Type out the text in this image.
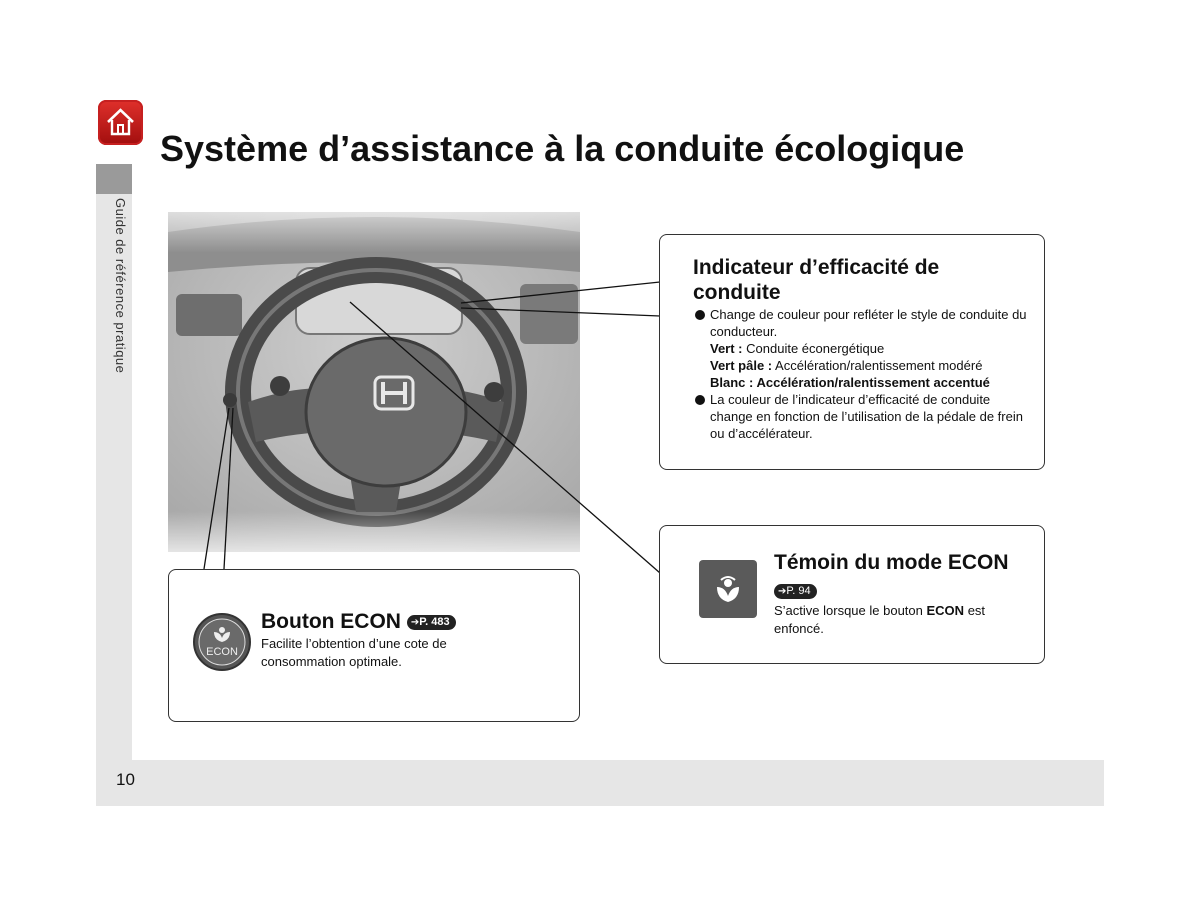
Guide de référence pratique
10
Système d’assistance à la conduite écologique
Indicateur d’efficacité de conduite
Change de couleur pour refléter le style de conduite du conducteur.
Vert : Conduite éconergétique
Vert pâle : Accélération/ralentissement modéré
Blanc : Accélération/ralentissement accentué
La couleur de l’indicateur d’efficacité de conduite change en fonction de l’utilisation de la pédale de frein ou d’accélérateur.
ECON
Bouton ECON ➔P. 483
Facilite l’obtention d’une cote de consommation optimale.
Témoin du mode ECON
➔P. 94
S’active lorsque le bouton ECON est enfoncé.
